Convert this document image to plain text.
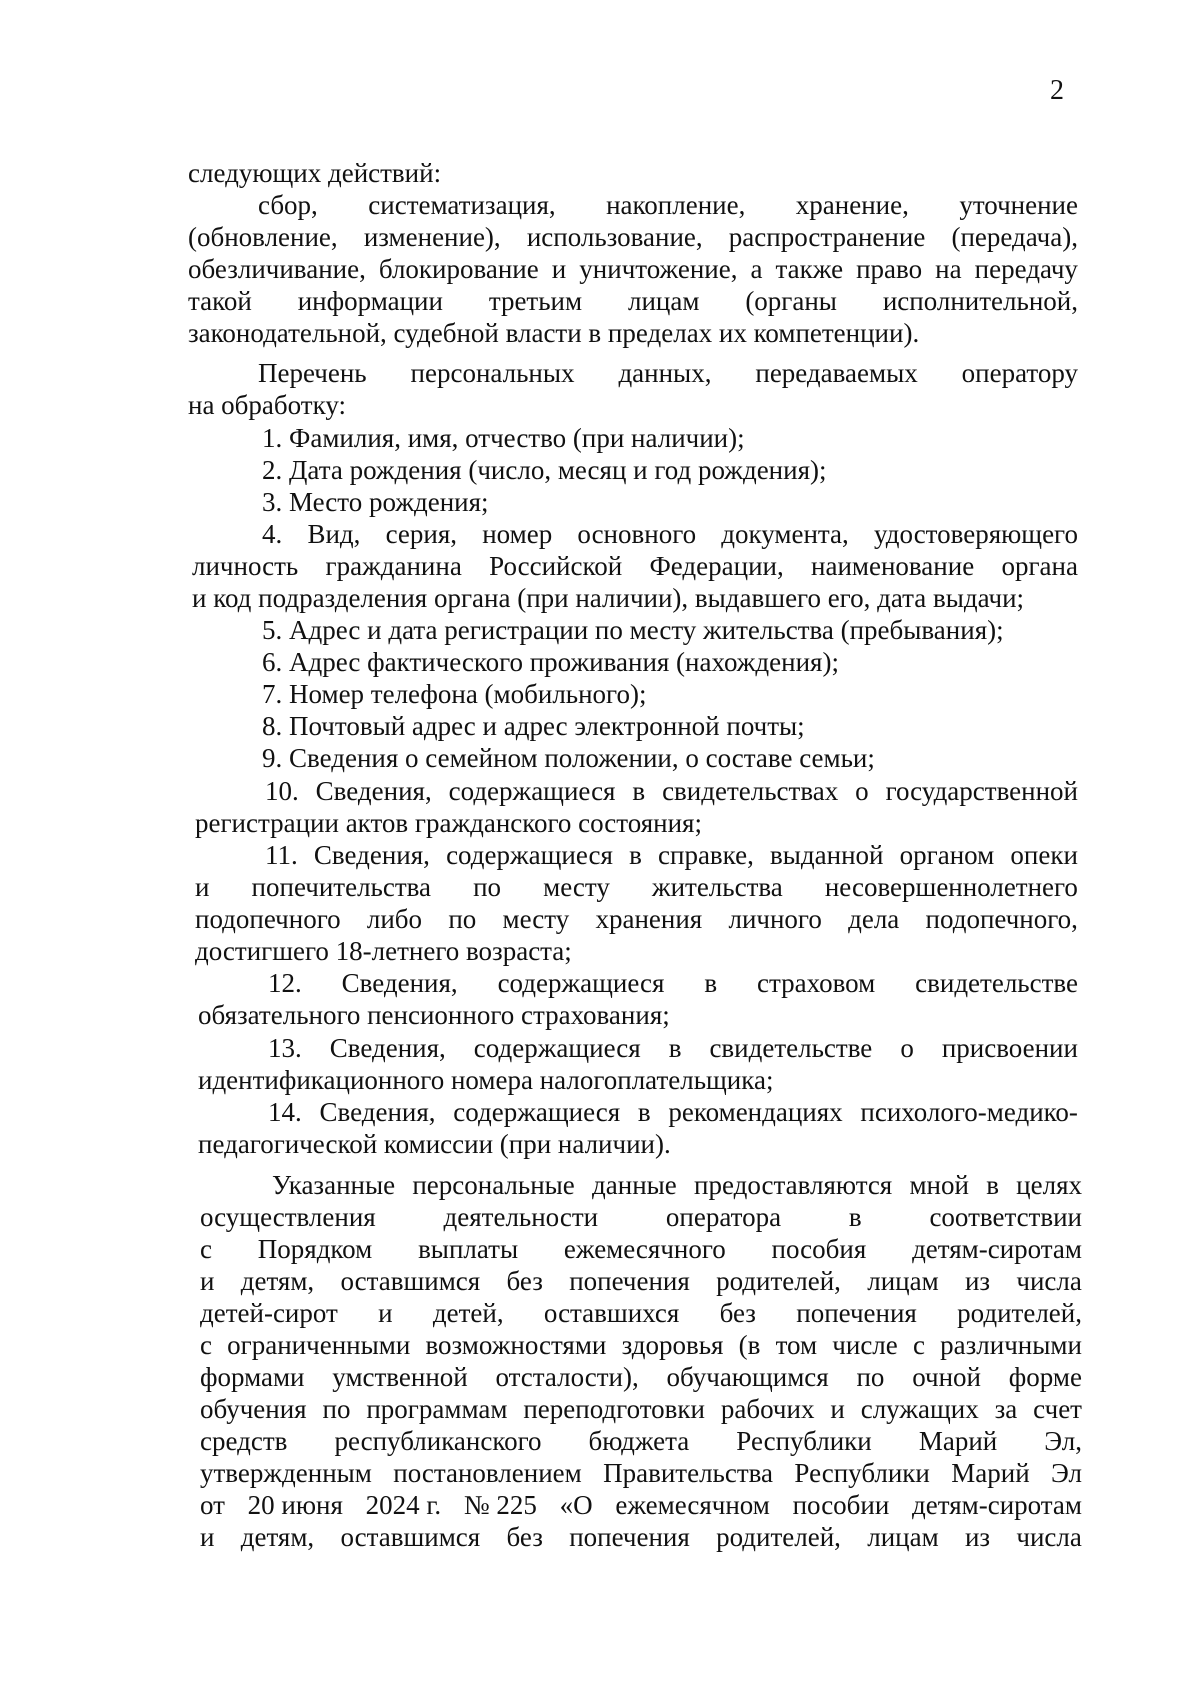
2
следующих действий:
сбор, систематизация, накопление, хранение, уточнение
(обновление, изменение), использование, распространение (передача),
обезличивание, блокирование и уничтожение, а также право на передачу
такой информации третьим лицам (органы исполнительной,
законодательной, судебной власти в пределах их компетенции).
Перечень персональных данных, передаваемых оператору
на обработку:
1. Фамилия, имя, отчество (при наличии);
2. Дата рождения (число, месяц и год рождения);
3. Место рождения;
4. Вид, серия, номер основного документа, удостоверяющего
личность гражданина Российской Федерации, наименование органа
и код подразделения органа (при наличии), выдавшего его, дата выдачи;
5. Адрес и дата регистрации по месту жительства (пребывания);
6. Адрес фактического проживания (нахождения);
7. Номер телефона (мобильного);
8. Почтовый адрес и адрес электронной почты;
9. Сведения о семейном положении, о составе семьи;
10. Сведения, содержащиеся в свидетельствах о государственной
регистрации актов гражданского состояния;
11. Сведения, содержащиеся в справке, выданной органом опеки
и попечительства по месту жительства несовершеннолетнего
подопечного либо по месту хранения личного дела подопечного,
достигшего 18-летнего возраста;
12. Сведения, содержащиеся в страховом свидетельстве
обязательного пенсионного страхования;
13. Сведения, содержащиеся в свидетельстве о присвоении
идентификационного номера налогоплательщика;
14. Сведения, содержащиеся в рекомендациях психолого-медико-
педагогической комиссии (при наличии).
Указанные персональные данные предоставляются мной в целях
осуществления	деятельности	оператора	в	соответствии
с Порядком выплаты ежемесячного пособия детям-сиротам
и детям, оставшимся без попечения родителей, лицам из числа
детей-сирот и детей, оставшихся без попечения родителей,
с ограниченными возможностями здоровья (в том числе с различными
формами умственной отсталости), обучающимся по очной форме
обучения по программам переподготовки рабочих и служащих за счет
средств республиканского бюджета Республики Марий Эл,
утвержденным постановлением Правительства Республики Марий Эл
от 20 июня 2024 г. № 225 «О ежемесячном пособии детям-сиротам
и детям, оставшимся без попечения родителей, лицам из числа
